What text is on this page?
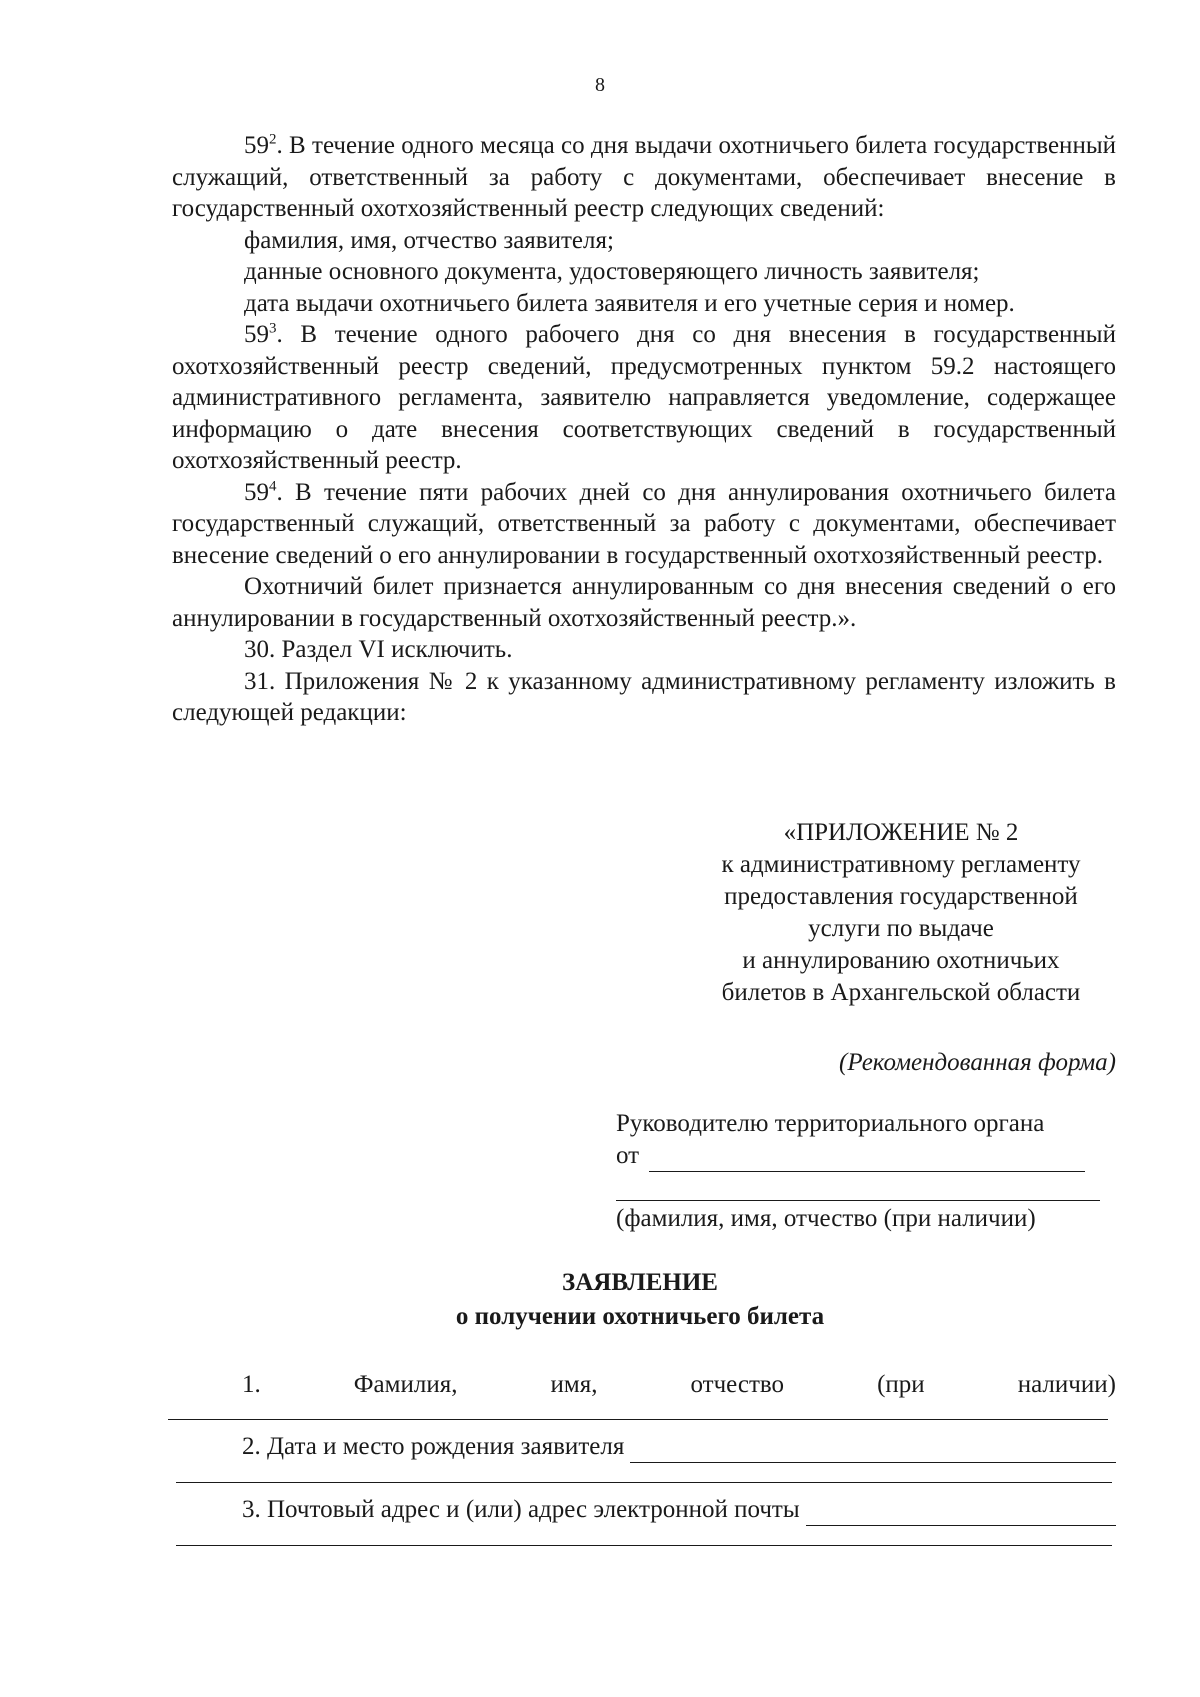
8

$59^2$. В течение одного месяца со дня выдачи охотничьего билета государственный служащий, ответственный за работу с документами, обеспечивает внесение в государственный охотхозяйственный реестр следующих сведений:

фамилия, имя, отчество заявителя;

данные основного документа, удостоверяющего личность заявителя;

дата выдачи охотничьего билета заявителя и его учетные серия и номер.

$59^3$. В течение одного рабочего дня со дня внесения в государственный охотхозяйственный реестр сведений, предусмотренных пунктом 59.2 настоящего административного регламента, заявителю направляется уведомление, содержащее информацию о дате внесения соответствующих сведений в государственный охотхозяйственный реестр.

$59^4$. В течение пяти рабочих дней со дня аннулирования охотничьего билета государственный служащий, ответственный за работу с документами, обеспечивает внесение сведений о его аннулировании в государственный охотхозяйственный реестр.

Охотничий билет признается аннулированным со дня внесения сведений о его аннулировании в государственный охотхозяйственный реестр.».

30. Раздел VI исключить.

31. Приложения № 2 к указанному административному регламенту изложить в следующей редакции:

«ПРИЛОЖЕНИЕ № 2
к административному регламенту
предоставления государственной
услуги по выдаче
и аннулированию охотничьих
билетов в Архангельской области
(Рекомендованная форма)
Руководителю территориального органа
от
(фамилия, имя, отчество (при наличии)
ЗАЯВЛЕНИЕ
о получении охотничьего билета
1.	Фамилия,	имя,	отчество	(при	наличии)
2. Дата и место рождения заявителя
3. Почтовый адрес и (или) адрес электронной почты
